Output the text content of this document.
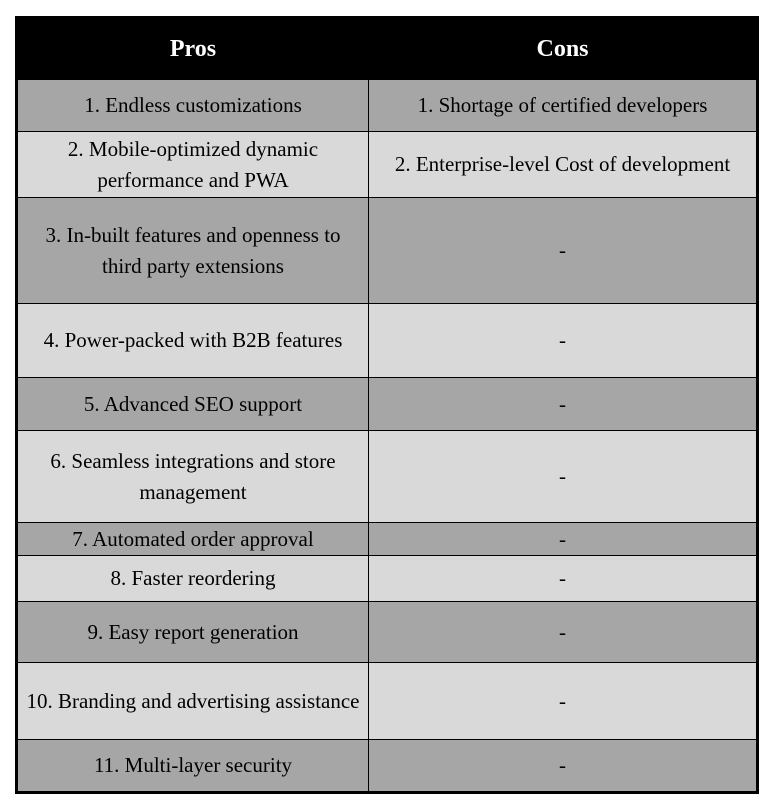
Pros	Cons
1. Endless customizations	1. Shortage of certified developers
2. Mobile-optimized dynamic performance and PWA	2. Enterprise-level Cost of development
3. In-built features and openness to third party extensions	-
4. Power-packed with B2B features	-
5. Advanced SEO support	-
6. Seamless integrations and store management	-
7. Automated order approval	-
8. Faster reordering	-
9. Easy report generation	-
10. Branding and advertising assistance	-
11. Multi-layer security	-
